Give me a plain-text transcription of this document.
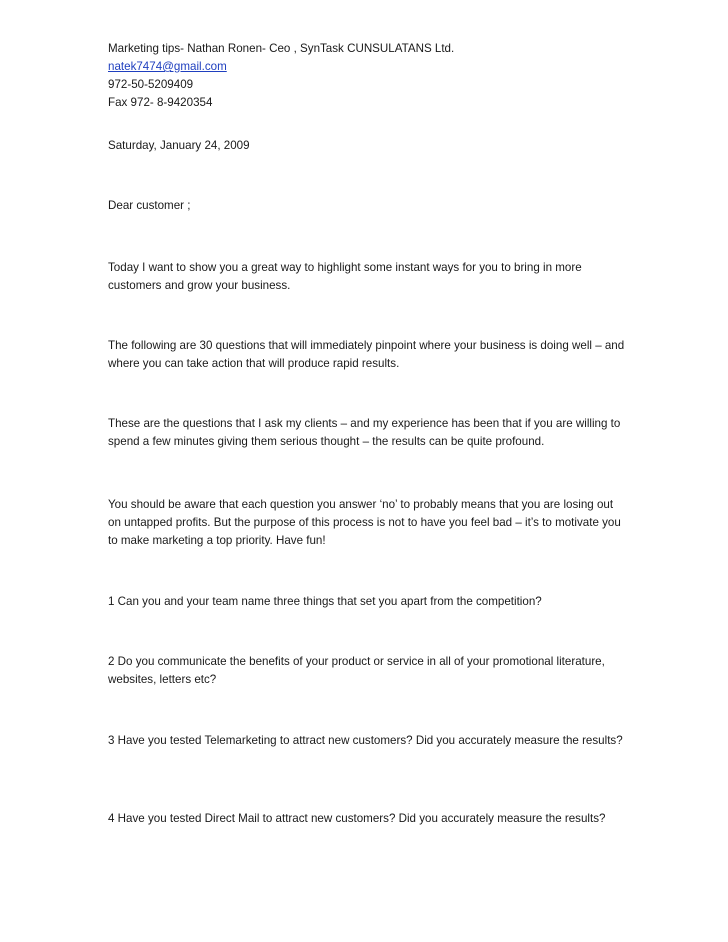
Marketing tips- Nathan Ronen- Ceo , SynTask CUNSULATANS Ltd.
natek7474@gmail.com
972-50-5209409
Fax 972- 8-9420354
Saturday, January 24, 2009
Dear customer ;
Today I want to show you a great way to highlight some instant ways for you to bring in more customers and grow your business.
The following are 30 questions that will immediately pinpoint where your business is doing well – and where you can take action that will produce rapid results.
These are the questions that I ask my clients – and my experience has been that if you are willing to spend a few minutes giving them serious thought – the results can be quite profound.
You should be aware that each question you answer ‘no’ to probably means that you are losing out on untapped profits. But the purpose of this process is not to have you feel bad – it’s to motivate you to make marketing a top priority. Have fun!
1 Can you and your team name three things that set you apart from the competition?
2 Do you communicate the benefits of your product or service in all of your promotional literature, websites, letters etc?
3 Have you tested Telemarketing to attract new customers? Did you accurately measure the results?
4 Have you tested Direct Mail to attract new customers? Did you accurately measure the results?
